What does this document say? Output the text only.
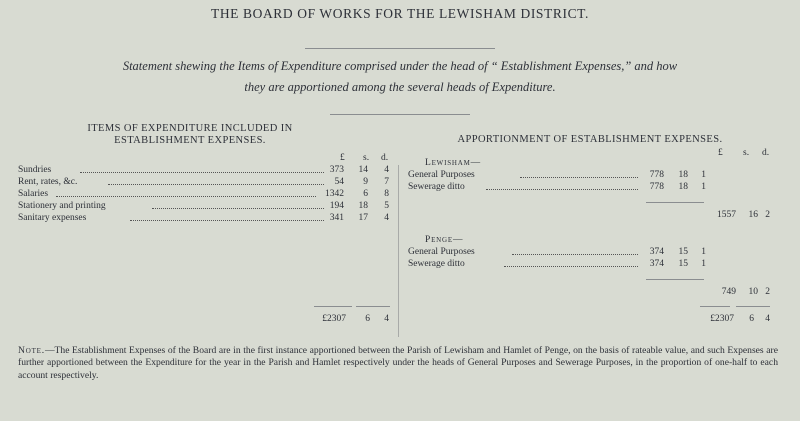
THE BOARD OF WORKS FOR THE LEWISHAM DISTRICT.
Statement shewing the Items of Expenditure comprised under the head of “ Establishment Expenses,” and how
they are apportioned among the several heads of Expenditure.
ITEMS OF EXPENDITURE INCLUDED IN
ESTABLISHMENT EXPENSES.
£ s. d.
Sundries	373 14 4
Rent, rates, &c.	54 9 7
Salaries	1342 6 8
Stationery and printing	194 18 5
Sanitary expenses	341 17 4
£2307 6 4
APPORTIONMENT OF ESTABLISHMENT EXPENSES.
£ s. d.
Lewisham—
General Purposes	778 18 1
Sewerage ditto	778 18 1
1557 16 2
Penge—
General Purposes	374 15 1
Sewerage ditto	374 15 1
749 10 2
£2307 6 4
Note.—The Establishment Expenses of the Board are in the first instance apportioned between the Parish of Lewisham and Hamlet of Penge, on the basis of rateable value, and such Expenses are further apportioned between the Expenditure for the year in the Parish and Hamlet respectively under the heads of General Purposes and Sewerage Purposes, in the proportion of one-half to each account respectively.
